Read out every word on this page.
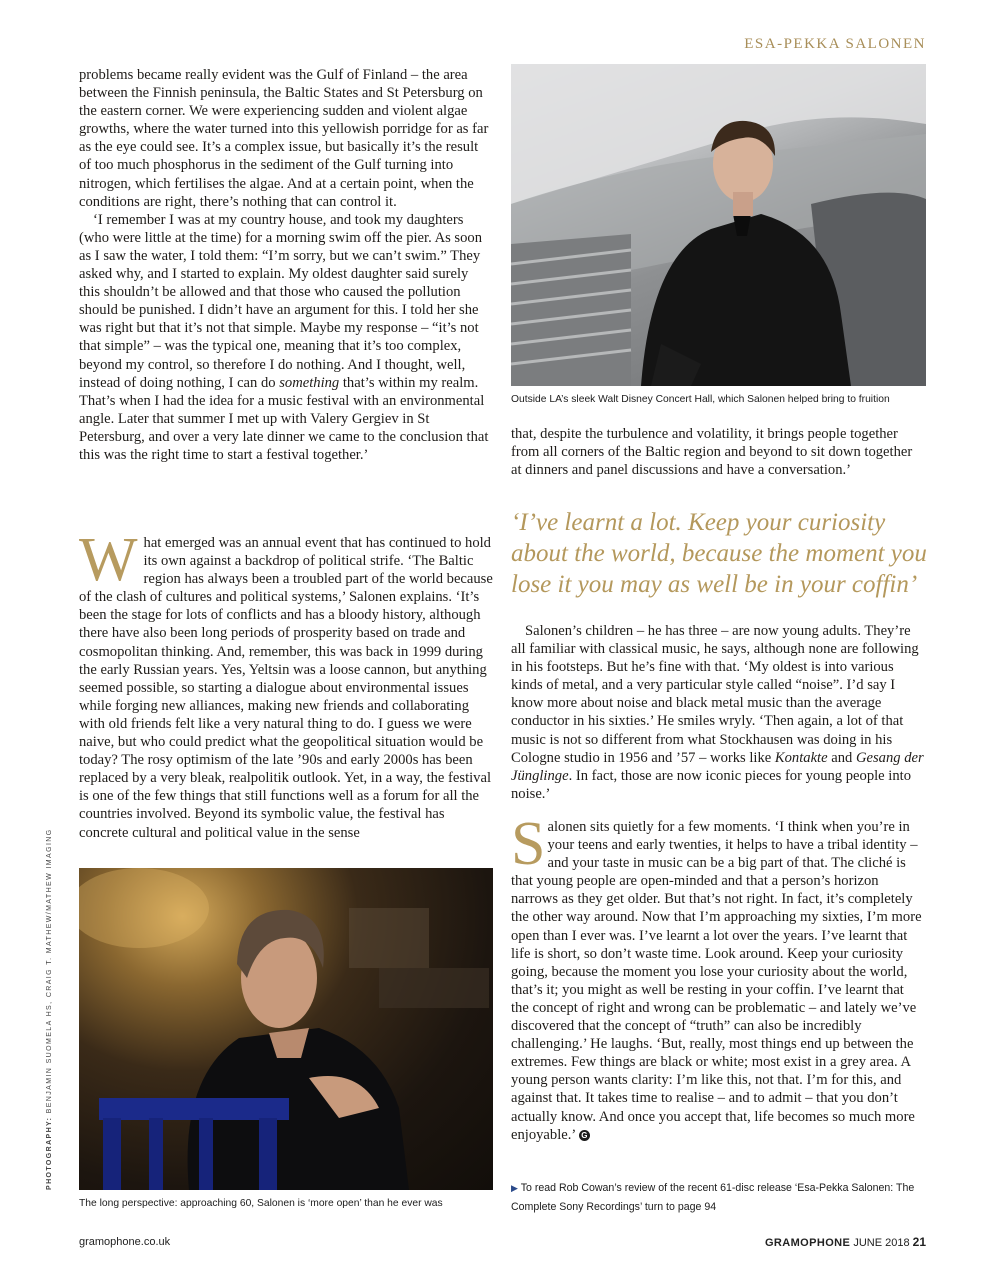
ESA-PEKKA SALONEN

problems became really evident was the Gulf of Finland – the area between the Finnish peninsula, the Baltic States and St Petersburg on the eastern corner. We were experiencing sudden and violent algae growths, where the water turned into this yellowish porridge for as far as the eye could see. It’s a complex issue, but basically it’s the result of too much phosphorus in the sediment of the Gulf turning into nitrogen, which fertilises the algae. And at a certain point, when the conditions are right, there’s nothing that can control it.

‘I remember I was at my country house, and took my daughters (who were little at the time) for a morning swim off the pier. As soon as I saw the water, I told them: “I’m sorry, but we can’t swim.” They asked why, and I started to explain. My oldest daughter said surely this shouldn’t be allowed and that those who caused the pollution should be punished. I didn’t have an argument for this. I told her she was right but that it’s not that simple. Maybe my response – “it’s not that simple” – was the typical one, meaning that it’s too complex, beyond my control, so therefore I do nothing. And I thought, well, instead of doing nothing, I can do something that’s within my realm. That’s when I had the idea for a music festival with an environmental angle. Later that summer I met up with Valery Gergiev in St Petersburg, and over a very late dinner we came to the conclusion that this was the right time to start a festival together.’

What emerged was an annual event that has continued to hold its own against a backdrop of political strife. ‘The Baltic region has always been a troubled part of the world because of the clash of cultures and political systems,’ Salonen explains. ‘It’s been the stage for lots of conflicts and has a bloody history, although there have also been long periods of prosperity based on trade and cosmopolitan thinking. And, remember, this was back in 1999 during the early Russian years. Yes, Yeltsin was a loose cannon, but anything seemed possible, so starting a dialogue about environmental issues while forging new alliances, making new friends and collaborating with old friends felt like a very natural thing to do. I guess we were naive, but who could predict what the geopolitical situation would be today? The rosy optimism of the late ’90s and early 2000s has been replaced by a very bleak, realpolitik outlook. Yet, in a way, the festival is one of the few things that still functions well as a forum for all the countries involved. Beyond its symbolic value, the festival has concrete cultural and political value in the sense

Outside LA’s sleek Walt Disney Concert Hall, which Salonen helped bring to fruition

that, despite the turbulence and volatility, it brings people together from all corners of the Baltic region and beyond to sit down together at dinners and panel discussions and have a conversation.’

‘I’ve learnt a lot. Keep your curiosity about the world, because the moment you lose it you may as well be in your coffin’

Salonen’s children – he has three – are now young adults. They’re all familiar with classical music, he says, although none are following in his footsteps. But he’s fine with that. ‘My oldest is into various kinds of metal, and a very particular style called “noise”. I’d say I know more about noise and black metal music than the average conductor in his sixties.’ He smiles wryly. ‘Then again, a lot of that music is not so different from what Stockhausen was doing in his Cologne studio in 1956 and ’57 – works like Kontakte and Gesang der Jünglinge. In fact, those are now iconic pieces for young people into noise.’

Salonen sits quietly for a few moments. ‘I think when you’re in your teens and early twenties, it helps to have a tribal identity – and your taste in music can be a big part of that. The cliché is that young people are open-minded and that a person’s horizon narrows as they get older. But that’s not right. In fact, it’s completely the other way around. Now that I’m approaching my sixties, I’m more open than I ever was. I’ve learnt a lot over the years. I’ve learnt that life is short, so don’t waste time. Look around. Keep your curiosity going, because the moment you lose your curiosity about the world, that’s it; you might as well be resting in your coffin. I’ve learnt that the concept of right and wrong can be problematic – and lately we’ve discovered that the concept of “truth” can also be incredibly challenging.’ He laughs. ‘But, really, most things end up between the extremes. Few things are black or white; most exist in a grey area. A young person wants clarity: I’m like this, not that. I’m for this, and against that. It takes time to realise – and to admit – that you don’t actually know. And once you accept that, life becomes so much more enjoyable.’ G

The long perspective: approaching 60, Salonen is ‘more open’ than he ever was
PHOTOGRAPHY: BENJAMIN SUOMELA HS, CRAIG T. MATHEW/MATHEW IMAGING
▶ To read Rob Cowan’s review of the recent 61-disc release ‘Esa-Pekka Salonen: The Complete Sony Recordings’ turn to page 94
gramophone.co.uk	GRAMOPHONE JUNE 2018 21
